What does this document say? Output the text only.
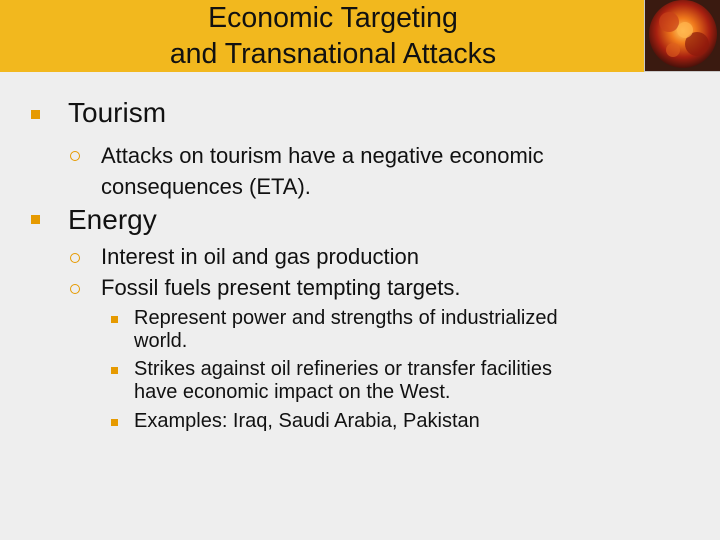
Economic Targeting
and Transnational Attacks
Tourism
Attacks on tourism have a negative economic
consequences (ETA).
Energy
Interest in oil and gas production
Fossil fuels present tempting targets.
Represent power and strengths of industrialized
world.
Strikes against oil refineries or transfer facilities
have economic impact on the West.
Examples: Iraq, Saudi Arabia, Pakistan
